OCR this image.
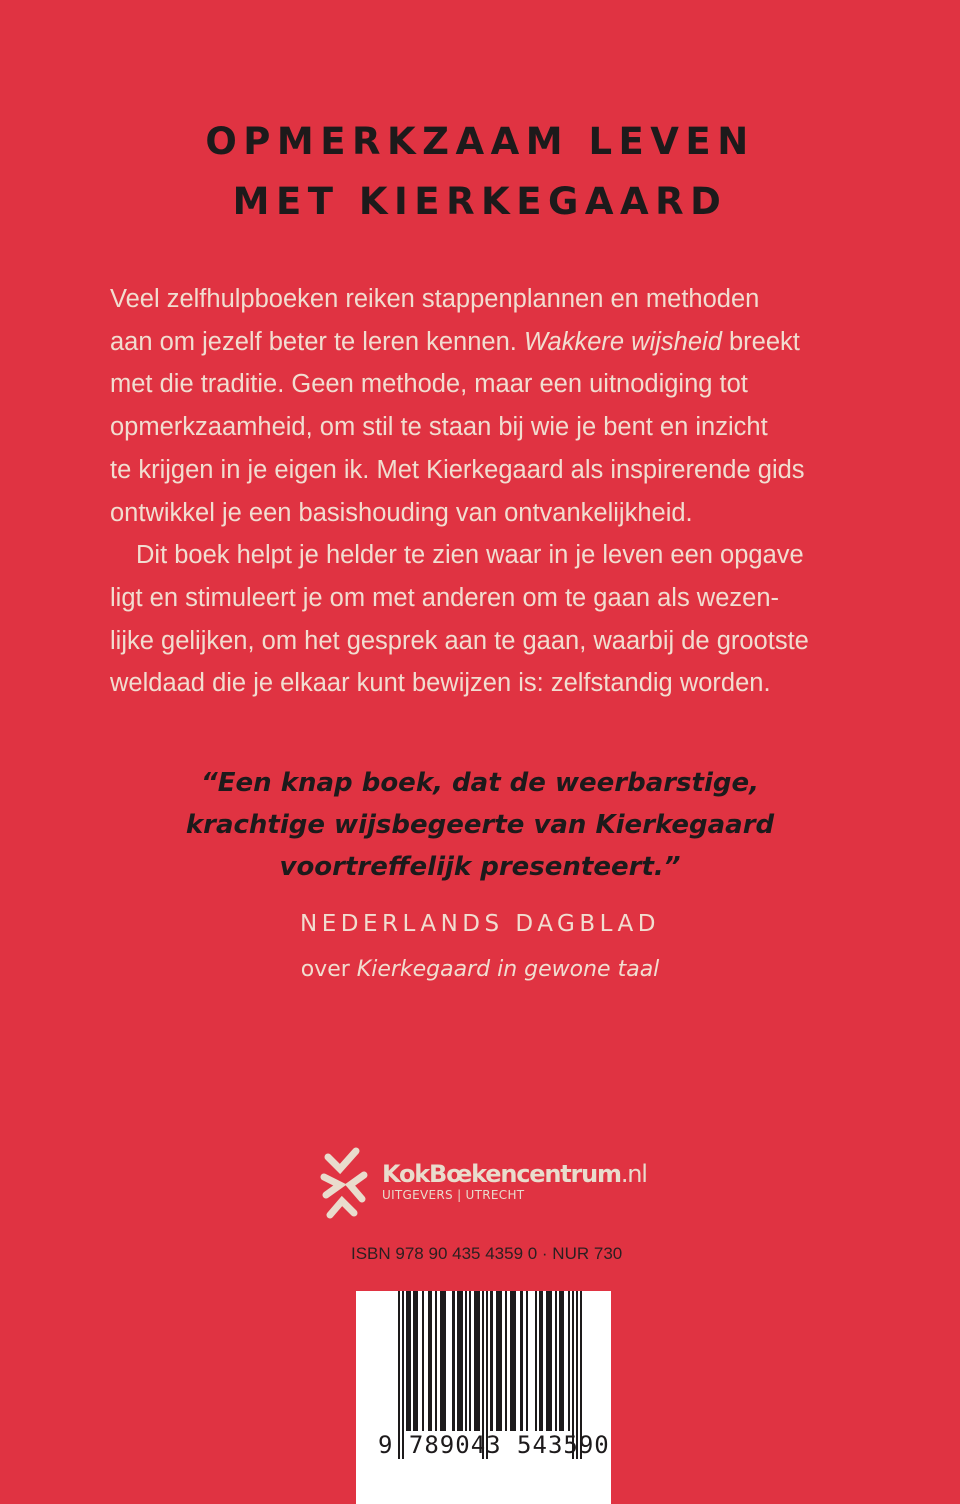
OPMERKZAAM LEVEN
MET KIERKEGAARD
Veel zelfhulpboeken reiken stappenplannen en methoden
aan om jezelf beter te leren kennen. Wakkere wijsheid breekt
met die traditie. Geen methode, maar een uitnodiging tot
opmerkzaamheid, om stil te staan bij wie je bent en inzicht
te krijgen in je eigen ik. Met Kierkegaard als inspirerende gids
ontwikkel je een basishouding van ontvankelijkheid.
Dit boek helpt je helder te zien waar in je leven een opgave
ligt en stimuleert je om met anderen om te gaan als wezen-
lijke gelijken, om het gesprek aan te gaan, waarbij de grootste
weldaad die je elkaar kunt bewijzen is: zelfstandig worden.
“Een knap boek, dat de weerbarstige,
krachtige wijsbegeerte van Kierkegaard
voortreffelijk presenteert.”
NEDERLANDS DAGBLAD
over Kierkegaard in gewone taal
KokBœkencentrum.nl
UITGEVERS | UTRECHT
ISBN 978 90 435 4359 0 · NUR 730
9 789043 543590
